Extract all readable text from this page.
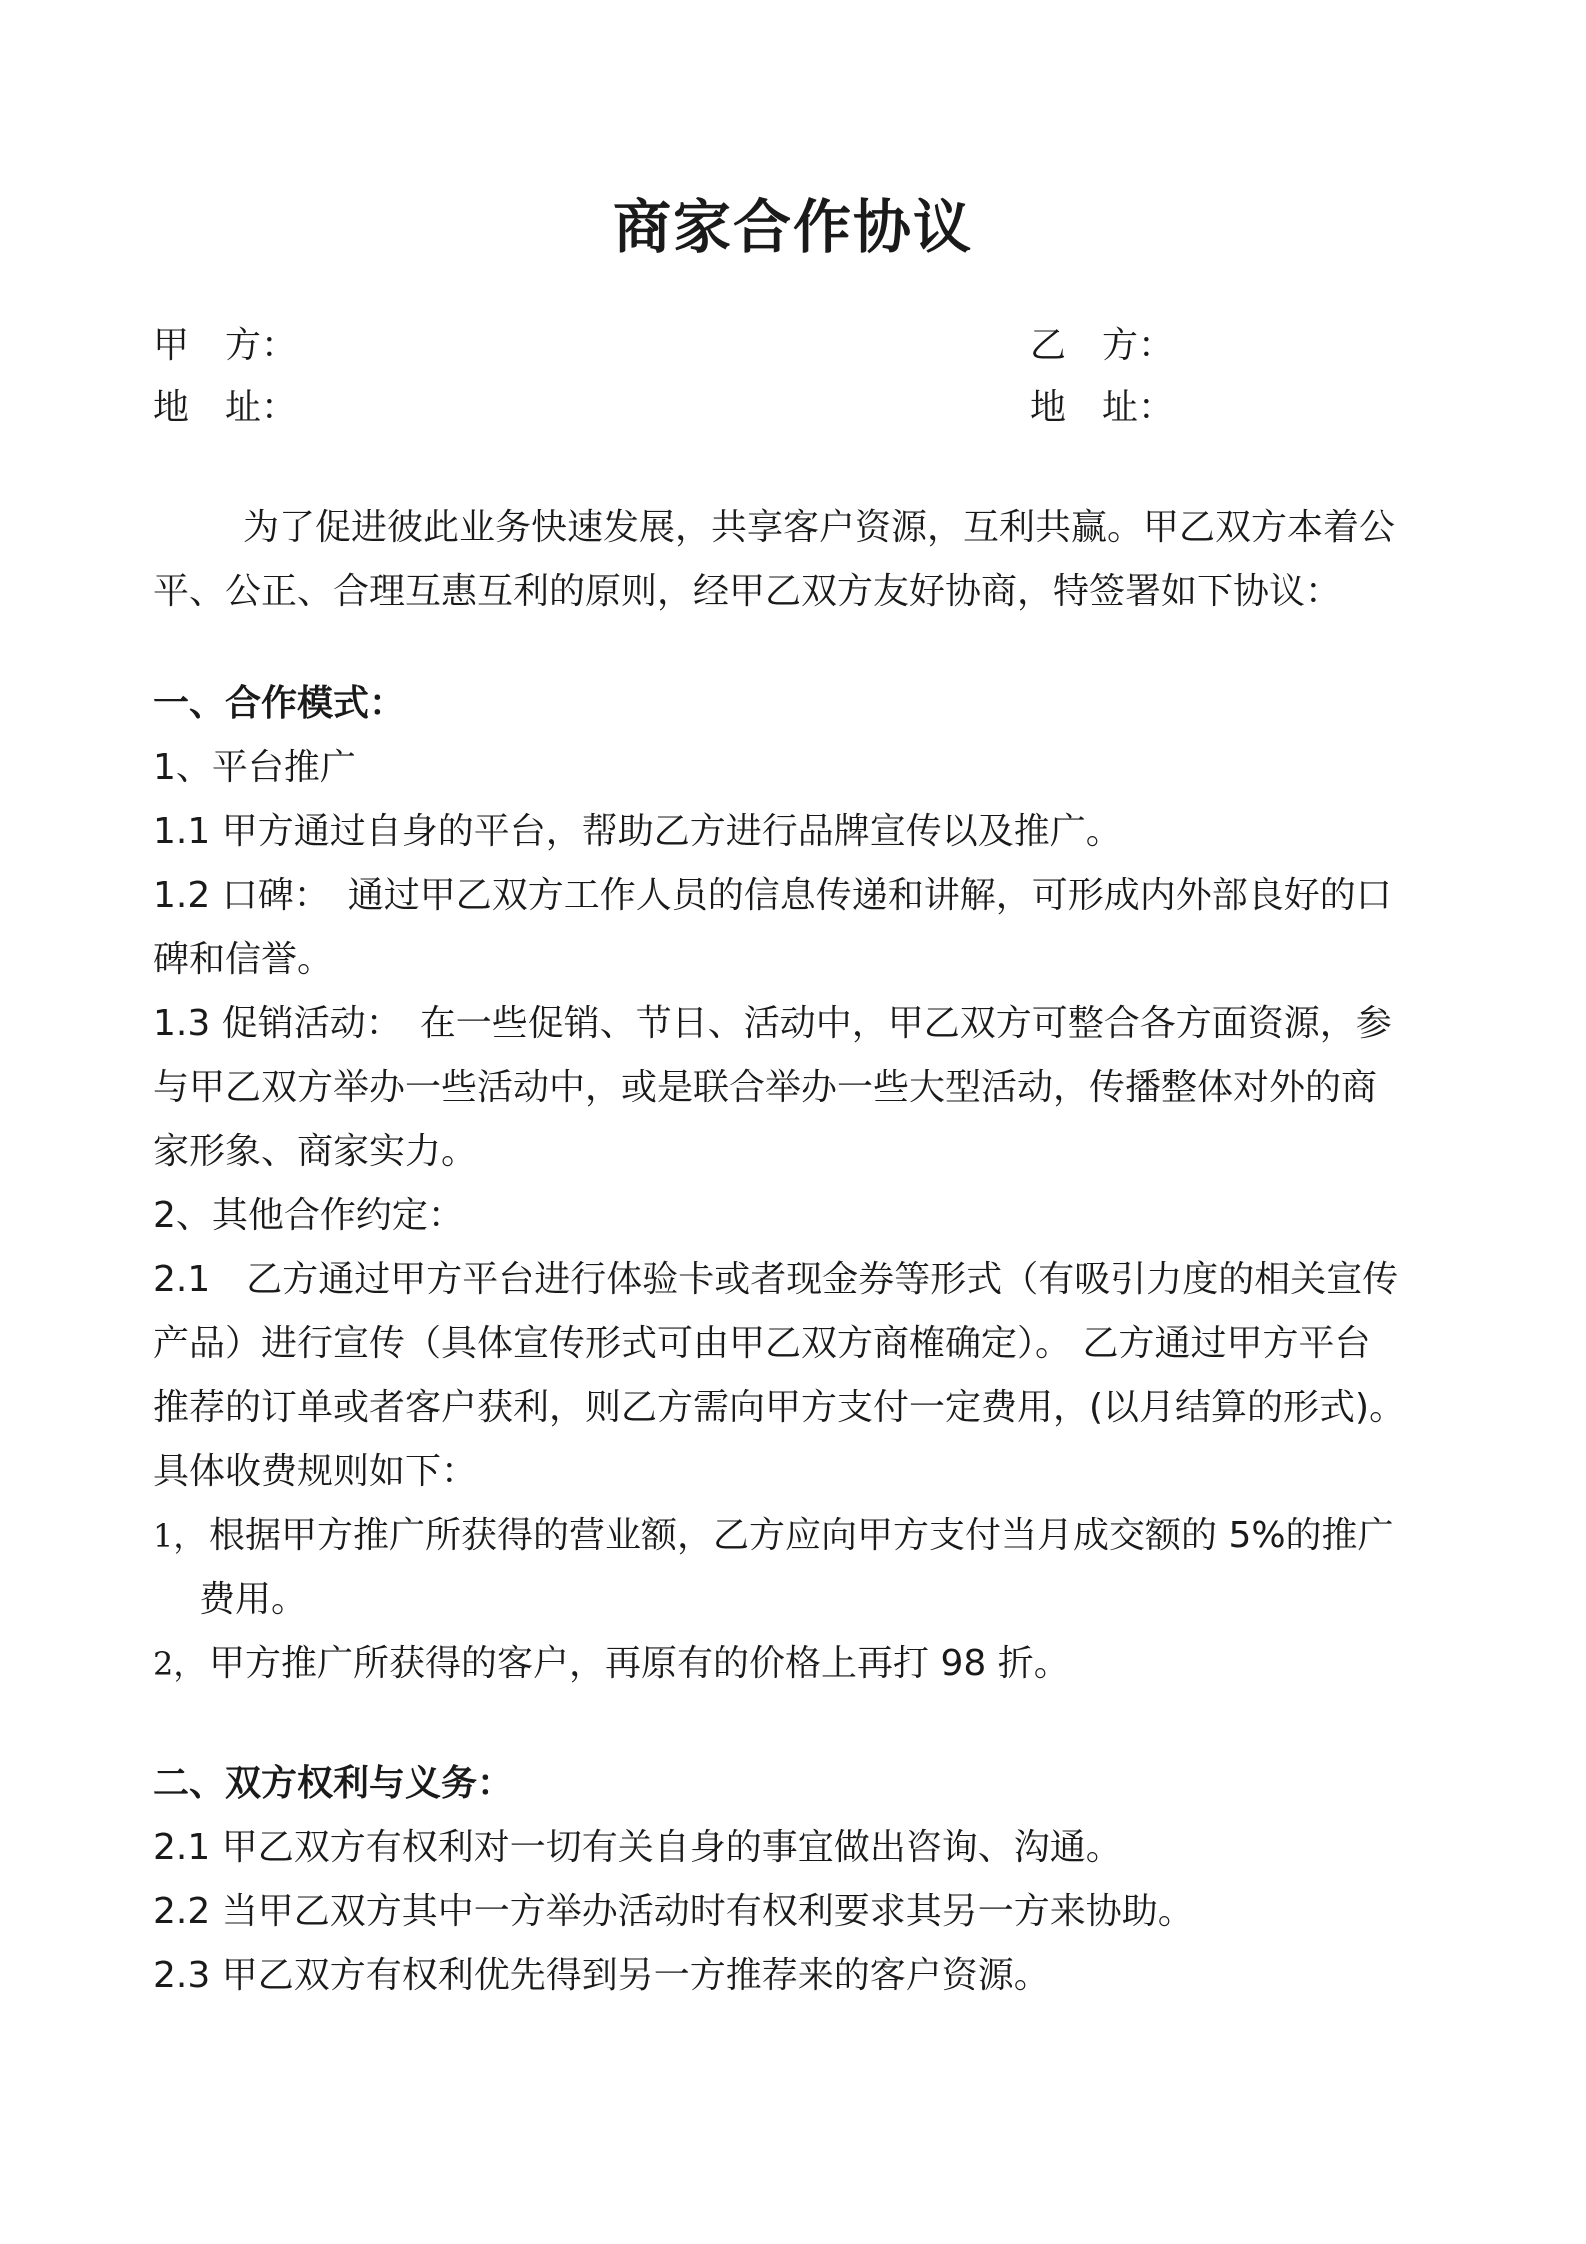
商家合作协议
甲　方：	乙　方：
地　址：	地　址：
为了促进彼此业务快速发展，共享客户资源，互利共赢。甲乙双方本着公
平、公正、合理互惠互利的原则，经甲乙双方友好协商，特签署如下协议：
一、合作模式：
1、平台推广
1.1 甲方通过自身的平台，帮助乙方进行品牌宣传以及推广。
1.2 口碑：　通过甲乙双方工作人员的信息传递和讲解，可形成内外部良好的口
碑和信誉。
1.3 促销活动：　在一些促销、节日、活动中，甲乙双方可整合各方面资源，参
与甲乙双方举办一些活动中，或是联合举办一些大型活动，传播整体对外的商
家形象、商家实力。
2、其他合作约定：
2.1　乙方通过甲方平台进行体验卡或者现金券等形式（有吸引力度的相关宣传
产品）进行宣传（具体宣传形式可由甲乙双方商榷确定）。 乙方通过甲方平台
推荐的订单或者客户获利，则乙方需向甲方支付一定费用，(以月结算的形式)。
具体收费规则如下：
1， 根据甲方推广所获得的营业额，乙方应向甲方支付当月成交额的 5%的推广
费用。
2， 甲方推广所获得的客户，再原有的价格上再打 98 折。
二、双方权利与义务：
2.1 甲乙双方有权利对一切有关自身的事宜做出咨询、沟通。
2.2 当甲乙双方其中一方举办活动时有权利要求其另一方来协助。
2.3 甲乙双方有权利优先得到另一方推荐来的客户资源。
